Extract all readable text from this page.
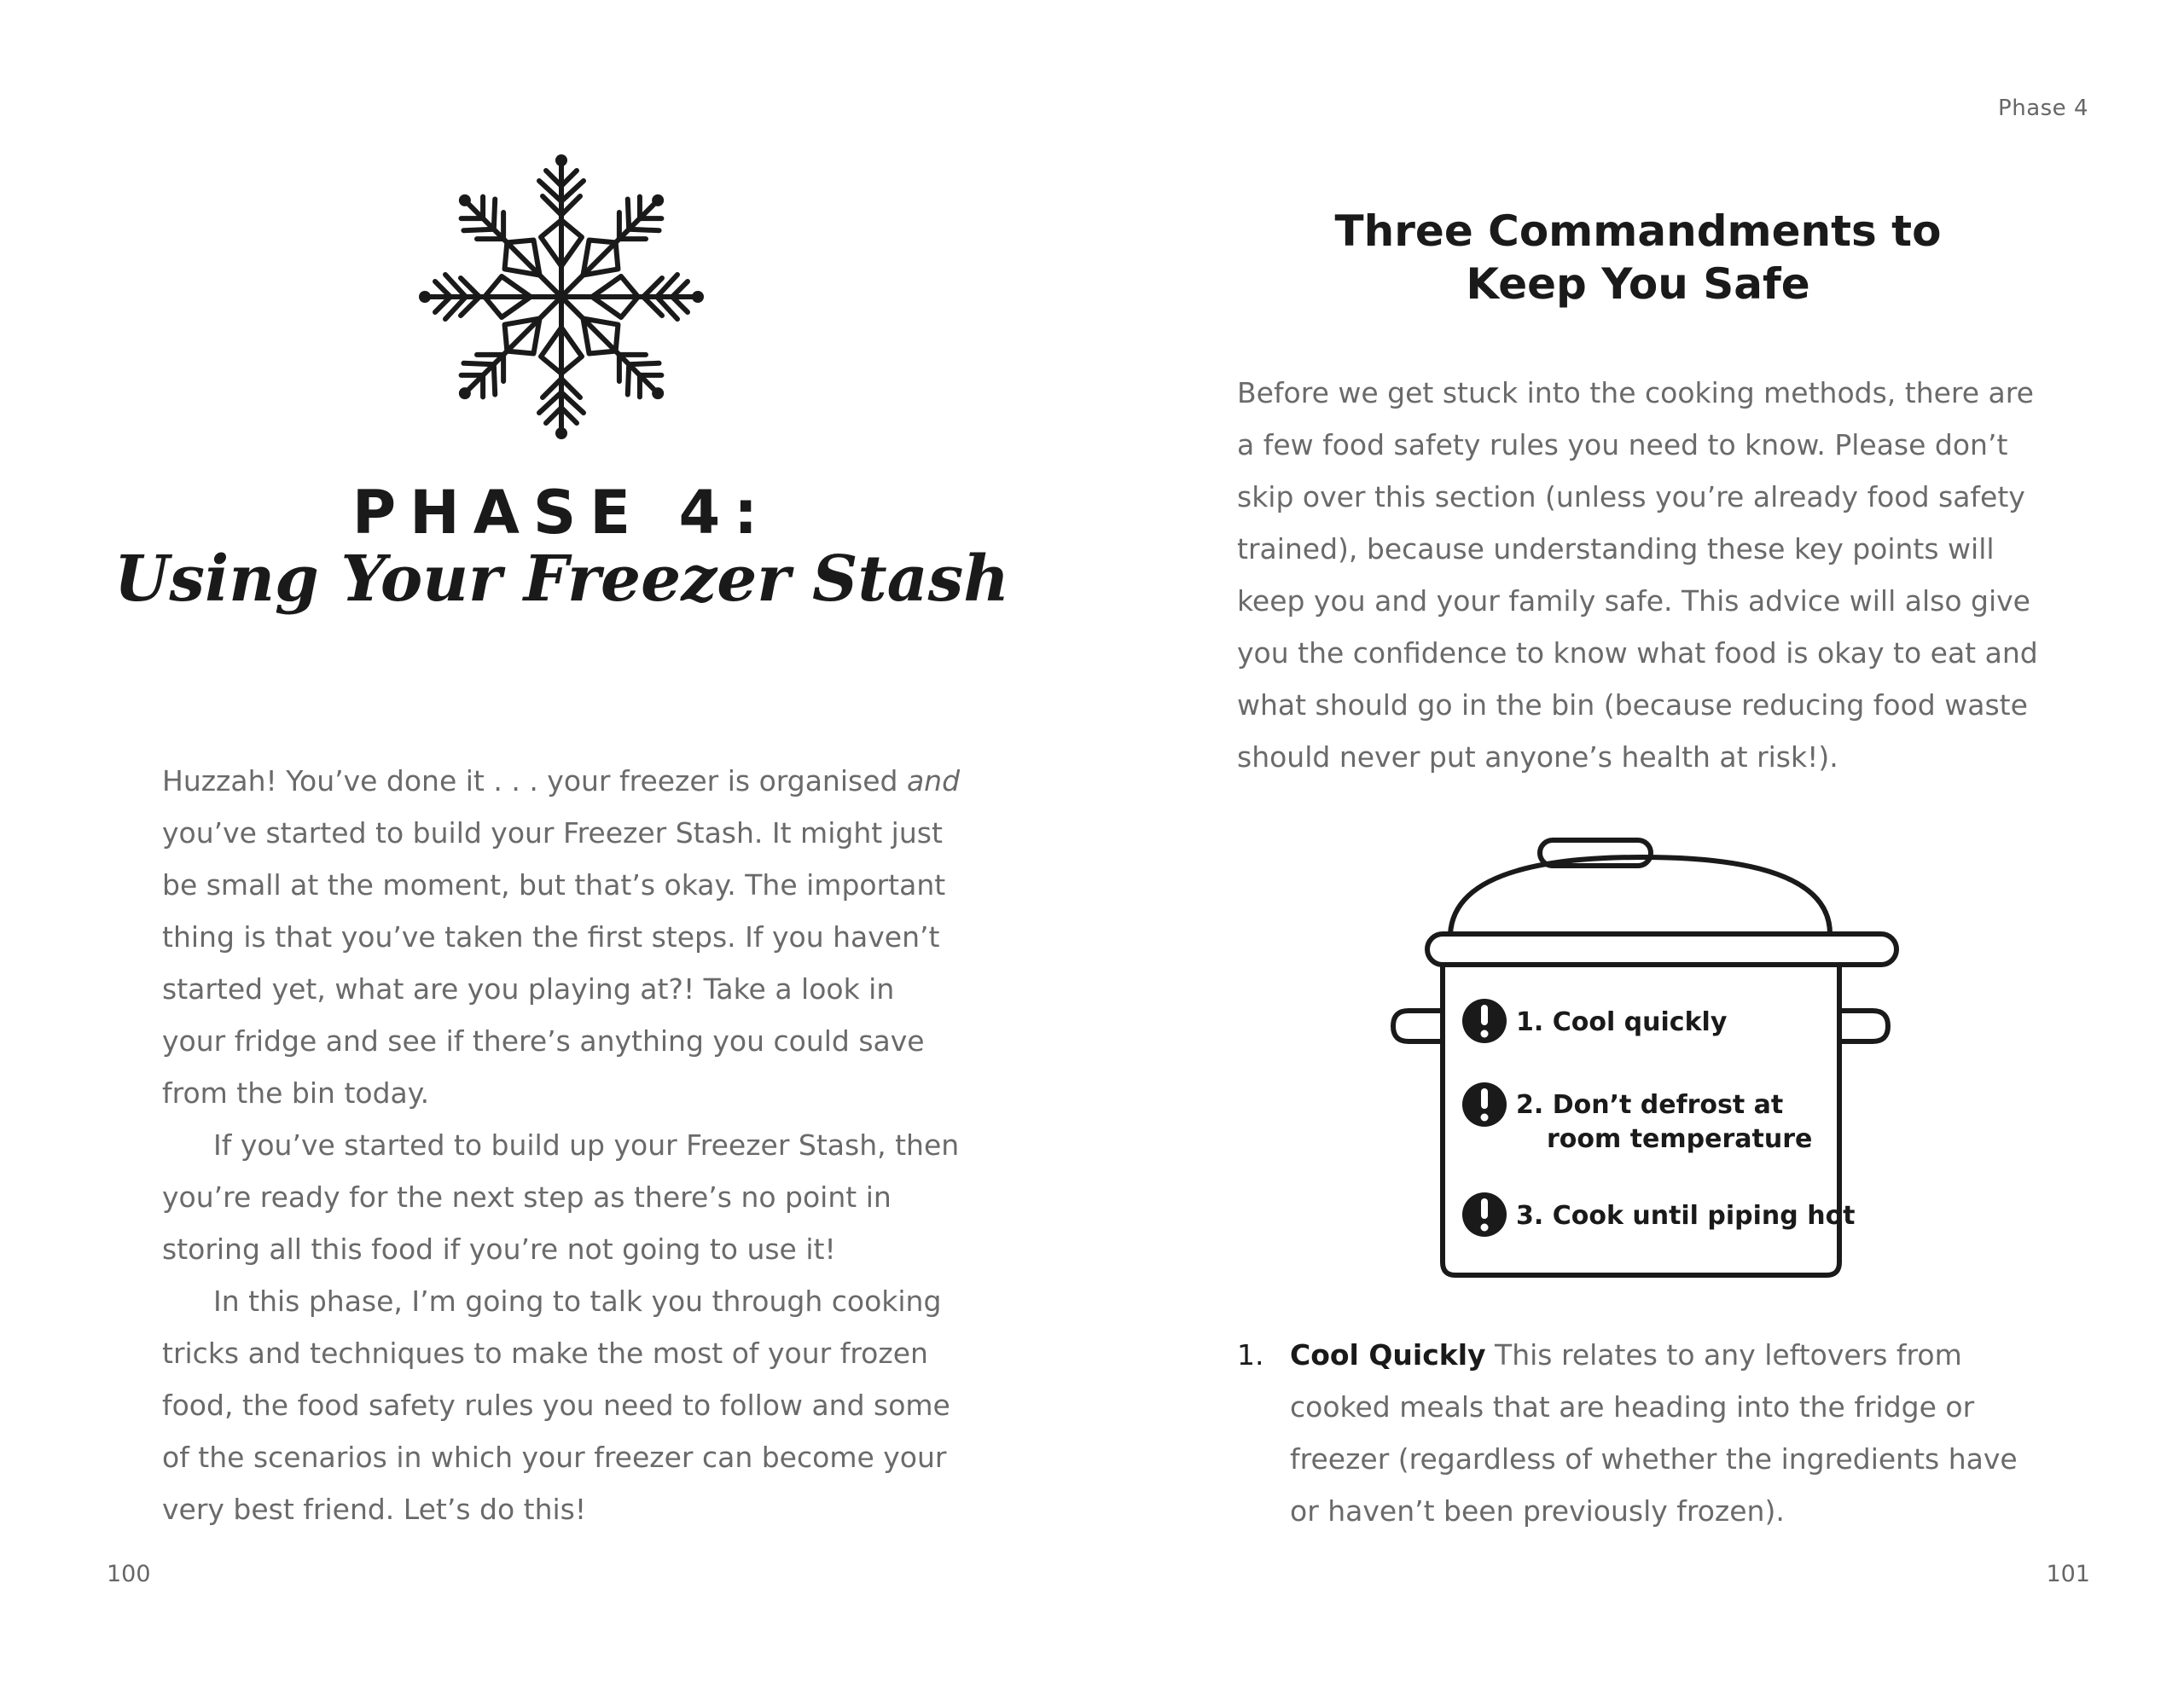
PHASE 4:
Using Your Freezer Stash

Huzzah! You’ve done it . . . your freezer is organised and you’ve started to build your Freezer Stash. It might just be small at the moment, but that’s okay. The important thing is that you’ve taken the first steps. If you haven’t started yet, what are you playing at?! Take a look in your fridge and see if there’s anything you could save from the bin today.

If you’ve started to build up your Freezer Stash, then you’re ready for the next step as there’s no point in storing all this food if you’re not going to use it!

In this phase, I’m going to talk you through cooking tricks and techniques to make the most of your frozen food, the food safety rules you need to follow and some of the scenarios in which your freezer can become your very best friend. Let’s do this!

100
Phase 4
Three Commandments to
Keep You Safe

Before we get stuck into the cooking methods, there are a few food safety rules you need to know. Please don’t skip over this section (unless you’re already food safety trained), because understanding these key points will keep you and your family safe. This advice will also give you the confidence to know what food is okay to eat and what should go in the bin (because reducing food waste should never put anyone’s health at risk!).

1. Cool quickly
2. Don’t defrost at
room temperature
3. Cook until piping hot
1. Cool Quickly This relates to any leftovers from cooked meals that are heading into the fridge or freezer (regardless of whether the ingredients have or haven’t been previously frozen).
101
